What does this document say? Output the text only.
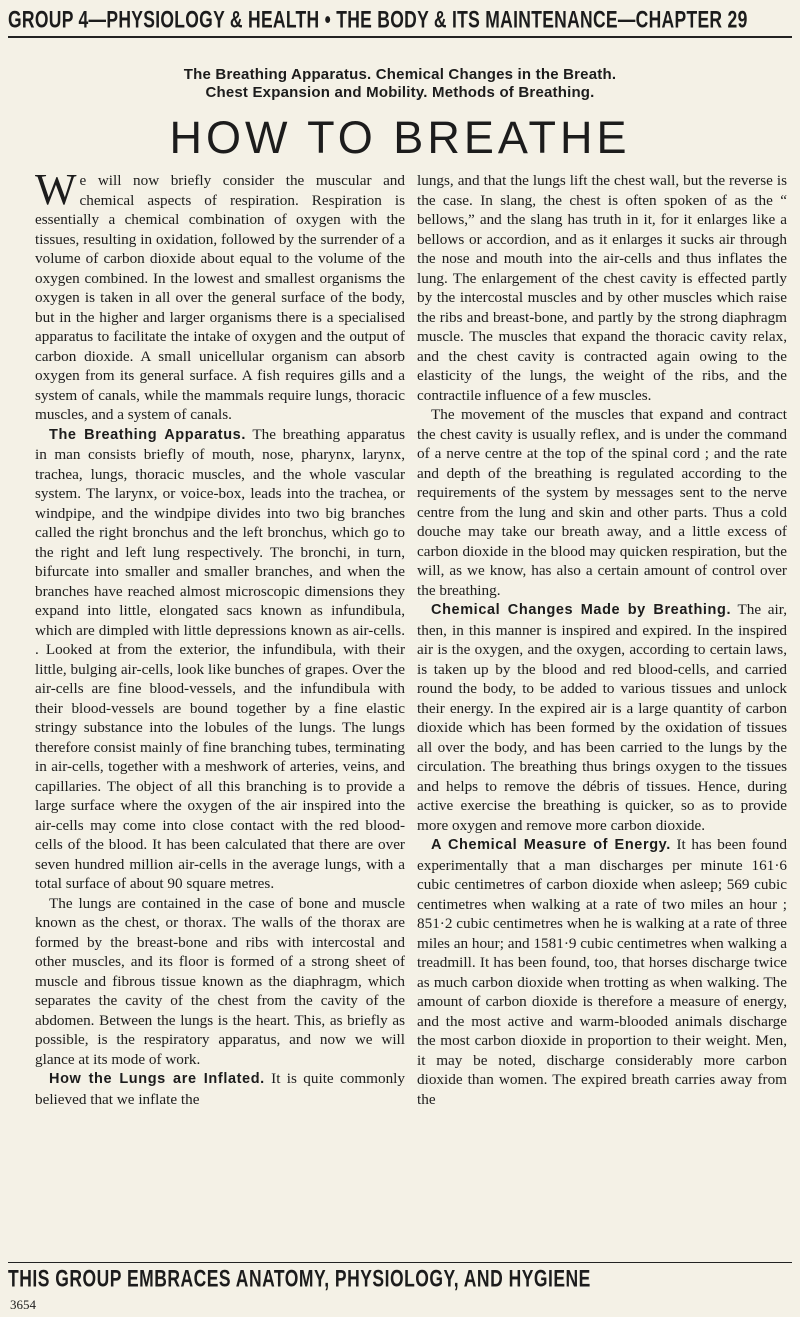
GROUP 4—PHYSIOLOGY & HEALTH • THE BODY & ITS MAINTENANCE—CHAPTER 29
The Breathing Apparatus. Chemical Changes in the Breath.
Chest Expansion and Mobility. Methods of Breathing.
HOW TO BREATHE

We will now briefly consider the muscular and chemical aspects of respiration. Respiration is essentially a chemical combination of oxygen with the tissues, resulting in oxidation, followed by the surrender of a volume of carbon dioxide about equal to the volume of the oxygen combined. In the lowest and smallest organisms the oxygen is taken in all over the general surface of the body, but in the higher and larger organisms there is a specialised apparatus to facilitate the intake of oxygen and the output of carbon dioxide. A small unicellular organism can absorb oxygen from its general surface. A fish requires gills and a system of canals, while the mammals require lungs, thoracic muscles, and a system of canals.

The Breathing Apparatus. The breathing apparatus in man consists briefly of mouth, nose, pharynx, larynx, trachea, lungs, thoracic muscles, and the whole vascular system. The larynx, or voice-box, leads into the trachea, or windpipe, and the windpipe divides into two big branches called the right bronchus and the left bronchus, which go to the right and left lung respectively. The bronchi, in turn, bifurcate into smaller and smaller branches, and when the branches have reached almost microscopic dimensions they expand into little, elongated sacs known as infundibula, which are dimpled with little depressions known as air-cells. . Looked at from the exterior, the infundibula, with their little, bulging air-cells, look like bunches of grapes. Over the air-cells are fine blood-vessels, and the infundibula with their blood-vessels are bound together by a fine elastic stringy substance into the lobules of the lungs. The lungs therefore consist mainly of fine branching tubes, terminating in air-cells, together with a meshwork of arteries, veins, and capillaries. The object of all this branching is to provide a large surface where the oxygen of the air inspired into the air-cells may come into close contact with the red blood-cells of the blood. It has been calculated that there are over seven hundred million air-cells in the average lungs, with a total surface of about 90 square metres.

The lungs are contained in the case of bone and muscle known as the chest, or thorax. The walls of the thorax are formed by the breast-bone and ribs with intercostal and other muscles, and its floor is formed of a strong sheet of muscle and fibrous tissue known as the diaphragm, which separates the cavity of the chest from the cavity of the abdomen. Between the lungs is the heart. This, as briefly as possible, is the respiratory apparatus, and now we will glance at its mode of work.

How the Lungs are Inflated. It is quite commonly believed that we inflate the

lungs, and that the lungs lift the chest wall, but the reverse is the case. In slang, the chest is often spoken of as the “ bellows,” and the slang has truth in it, for it enlarges like a bellows or accordion, and as it enlarges it sucks air through the nose and mouth into the air-cells and thus inflates the lung. The enlargement of the chest cavity is effected partly by the intercostal muscles and by other muscles which raise the ribs and breast-bone, and partly by the strong diaphragm muscle. The muscles that expand the thoracic cavity relax, and the chest cavity is contracted again owing to the elasticity of the lungs, the weight of the ribs, and the contractile influence of a few muscles.

The movement of the muscles that expand and contract the chest cavity is usually reflex, and is under the command of a nerve centre at the top of the spinal cord ; and the rate and depth of the breathing is regulated according to the requirements of the system by messages sent to the nerve centre from the lung and skin and other parts. Thus a cold douche may take our breath away, and a little excess of carbon dioxide in the blood may quicken respiration, but the will, as we know, has also a certain amount of control over the breathing.

Chemical Changes Made by Breathing. The air, then, in this manner is inspired and expired. In the inspired air is the oxygen, and the oxygen, according to certain laws, is taken up by the blood and red blood-cells, and carried round the body, to be added to various tissues and unlock their energy. In the expired air is a large quantity of carbon dioxide which has been formed by the oxidation of tissues all over the body, and has been carried to the lungs by the circulation. The breathing thus brings oxygen to the tissues and helps to remove the débris of tissues. Hence, during active exercise the breathing is quicker, so as to provide more oxygen and remove more carbon dioxide.

A Chemical Measure of Energy. It has been found experimentally that a man discharges per minute 161·6 cubic centimetres of carbon dioxide when asleep; 569 cubic centimetres when walking at a rate of two miles an hour ; 851·2 cubic centimetres when he is walking at a rate of three miles an hour; and 1581·9 cubic centimetres when walking a treadmill. It has been found, too, that horses discharge twice as much carbon dioxide when trotting as when walking. The amount of carbon dioxide is therefore a measure of energy, and the most active and warm-blooded animals discharge the most carbon dioxide in proportion to their weight. Men, it may be noted, discharge considerably more carbon dioxide than women. The expired breath carries away from the

THIS GROUP EMBRACES ANATOMY, PHYSIOLOGY, AND HYGIENE
3654
